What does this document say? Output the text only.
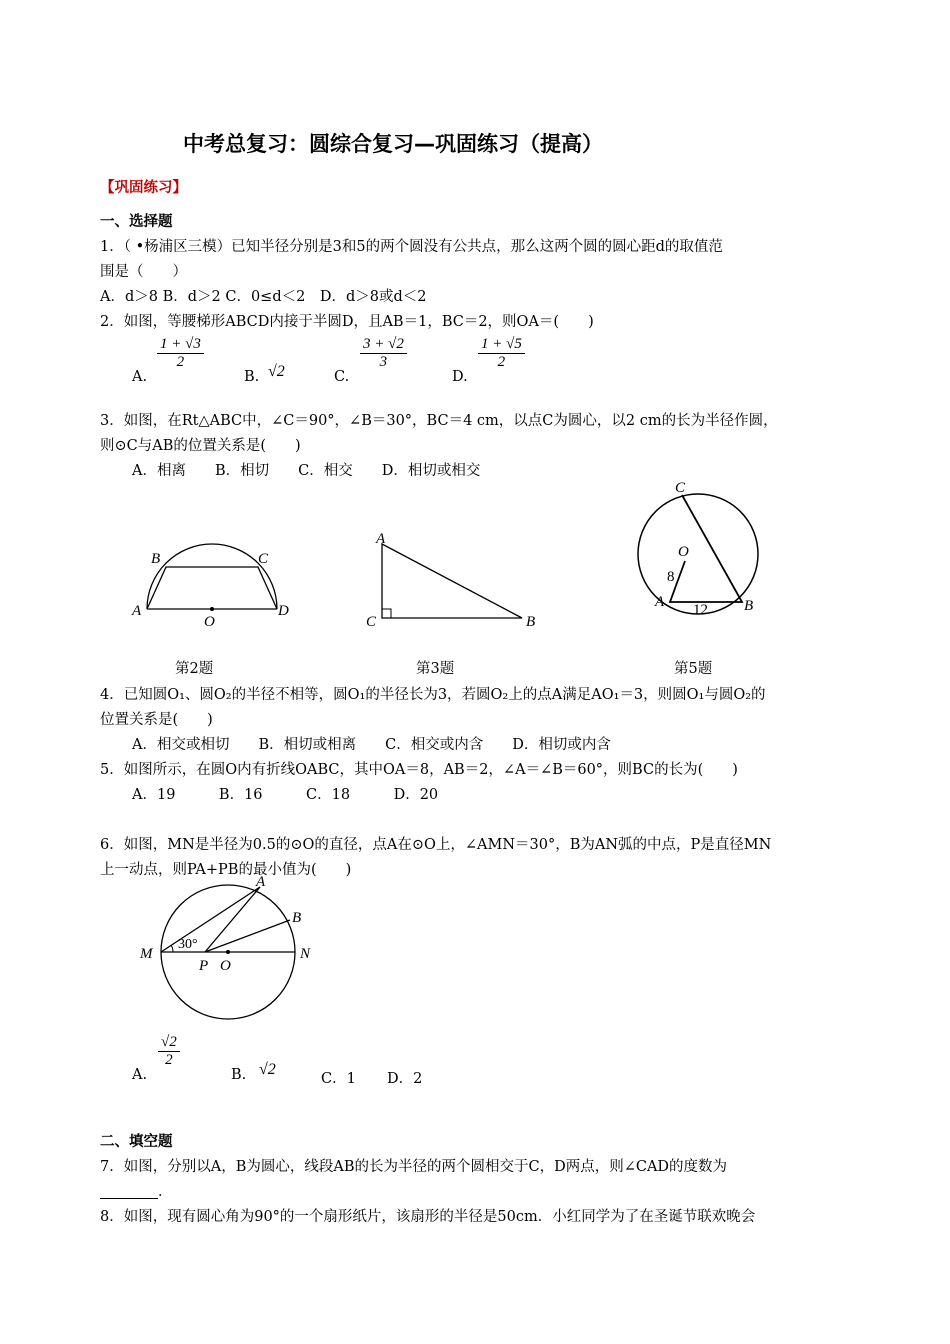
中考总复习：圆综合复习—巩固练习（提高）
【巩固练习】
一、选择题
1．（ •杨浦区三模）已知半径分别是3和5的两个圆没有公共点，那么这两个圆的圆心距d的取值范
围是（　　）
A．d＞8 B．d＞2 C．0≤d＜2　D．d＞8或d＜2
2．如图，等腰梯形ABCD内接于半圆D，且AB＝1，BC＝2，则OA＝(　　)
A.
$\frac{1 + √3}{2}$
B. √2	C.
$\frac{3 + √2}{3}$
D.
$\frac{1 + √5}{2}$
3．如图，在Rt△ABC中，∠C＝90°，∠B＝30°，BC＝4 cm，以点C为圆心，以2 cm的长为半径作圆，
则⊙C与AB的位置关系是(　　)
A．相离　　B．相切　　C．相交　　D．相切或相交
A
B	C
D
O
第2题
A
C	B
第3题
O
8
A 12 B
C
第5题
4．已知圆O₁、圆O₂的半径不相等，圆O₁的半径长为3，若圆O₂上的点A满足AO₁＝3，则圆O₁与圆O₂的
位置关系是(　　)
A．相交或相切　　B．相切或相离　　C．相交或内含　　D．相切或内含
5．如图所示，在圆O内有折线OABC，其中OA＝8，AB＝2，∠A＝∠B＝60°，则BC的长为(　　)
A．19　　　B．16　　　C．18　　　D．20
6．如图，MN是半径为0.5的⊙O的直径，点A在⊙O上，∠AMN＝30°，B为AN弧的中点，P是直径MN
上一动点，则PA+PB的最小值为(　　)
A
B
M	N
30°
P O
A.
$\frac{√2}{2}$
B. √2
C．1 D．2
二、填空题
7．如图，分别以A，B为圆心，线段AB的长为半径的两个圆相交于C，D两点，则∠CAD的度数为
．
8．如图，现有圆心角为90°的一个扇形纸片，该扇形的半径是50cm．小红同学为了在圣诞节联欢晚会
